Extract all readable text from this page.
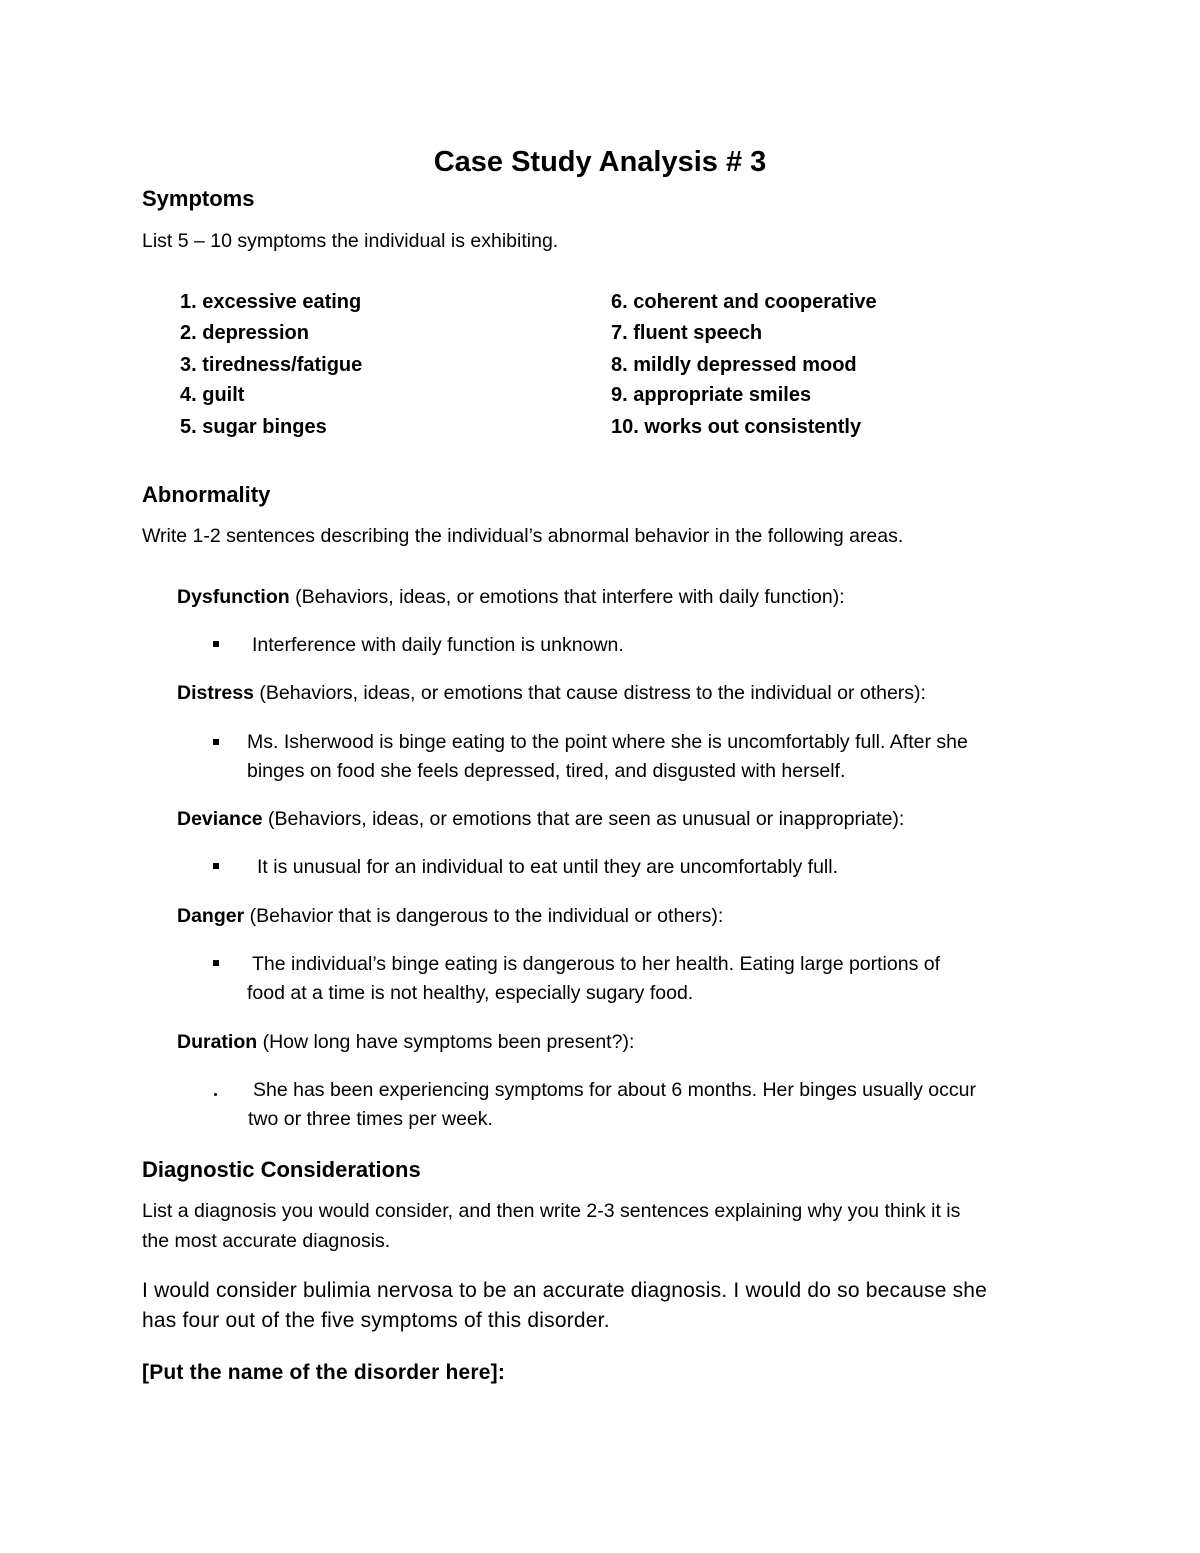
Case Study Analysis # 3
Symptoms
List 5 – 10 symptoms the individual is exhibiting.
1. excessive eating
2. depression
3. tiredness/fatigue
4. guilt
5. sugar binges
6. coherent and cooperative
7. fluent speech
8. mildly depressed mood
9. appropriate smiles
10. works out consistently
Abnormality
Write 1-2 sentences describing the individual’s abnormal behavior in the following areas.
Dysfunction (Behaviors, ideas, or emotions that interfere with daily function):
Interference with daily function is unknown.
Distress (Behaviors, ideas, or emotions that cause distress to the individual or others):
Ms. Isherwood is binge eating to the point where she is uncomfortably full. After she
binges on food she feels depressed, tired, and disgusted with herself.
Deviance (Behaviors, ideas, or emotions that are seen as unusual or inappropriate):
It is unusual for an individual to eat until they are uncomfortably full.
Danger (Behavior that is dangerous to the individual or others):
The individual’s binge eating is dangerous to her health. Eating large portions of
food at a time is not healthy, especially sugary food.
Duration (How long have symptoms been present?):
She has been experiencing symptoms for about 6 months. Her binges usually occur
two or three times per week.
Diagnostic Considerations
List a diagnosis you would consider, and then write 2-3 sentences explaining why you think it is
the most accurate diagnosis.
I would consider bulimia nervosa to be an accurate diagnosis. I would do so because she
has four out of the five symptoms of this disorder.
[Put the name of the disorder here]:
